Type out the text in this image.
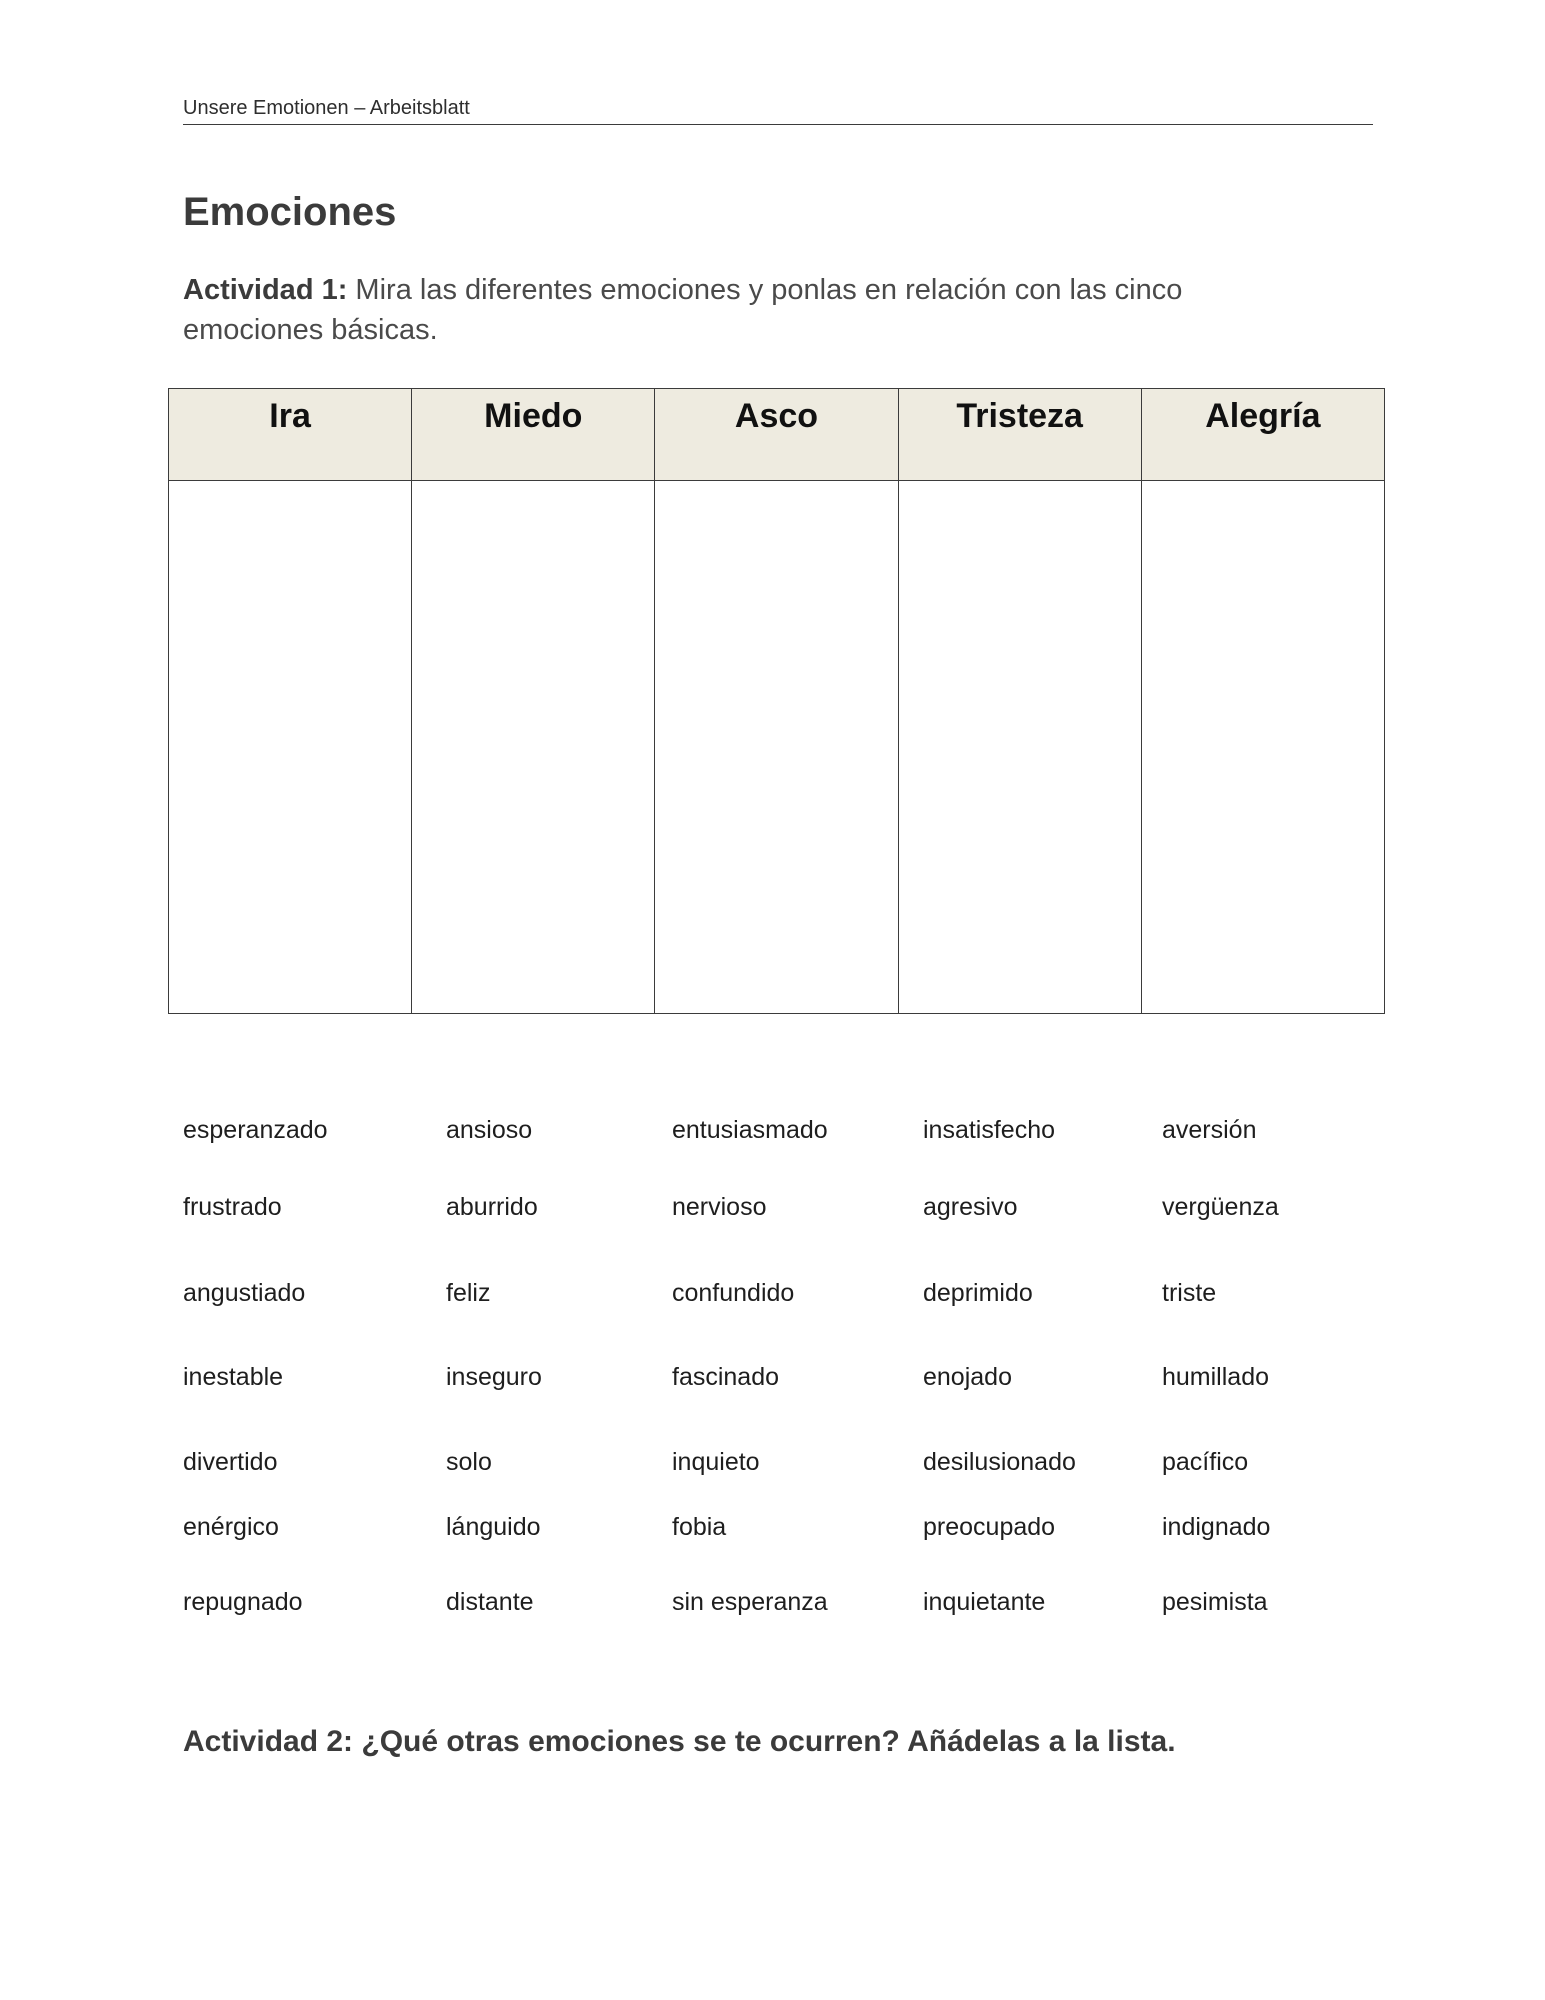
Unsere Emotionen – Arbeitsblatt
Emociones

Actividad 1: Mira las diferentes emociones y ponlas en relación con las cinco emociones básicas.

Ira	Miedo	Asco	Tristeza	Alegría

esperanzado	ansioso	entusiasmado	insatisfecho	aversión
frustrado	aburrido	nervioso	agresivo	vergüenza
angustiado	feliz	confundido	deprimido	triste
inestable	inseguro	fascinado	enojado	humillado
divertido	solo	inquieto	desilusionado	pacífico
enérgico	lánguido	fobia	preocupado	indignado
repugnado	distante	sin esperanza	inquietante	pesimista

Actividad 2: ¿Qué otras emociones se te ocurren? Añádelas a la lista.
